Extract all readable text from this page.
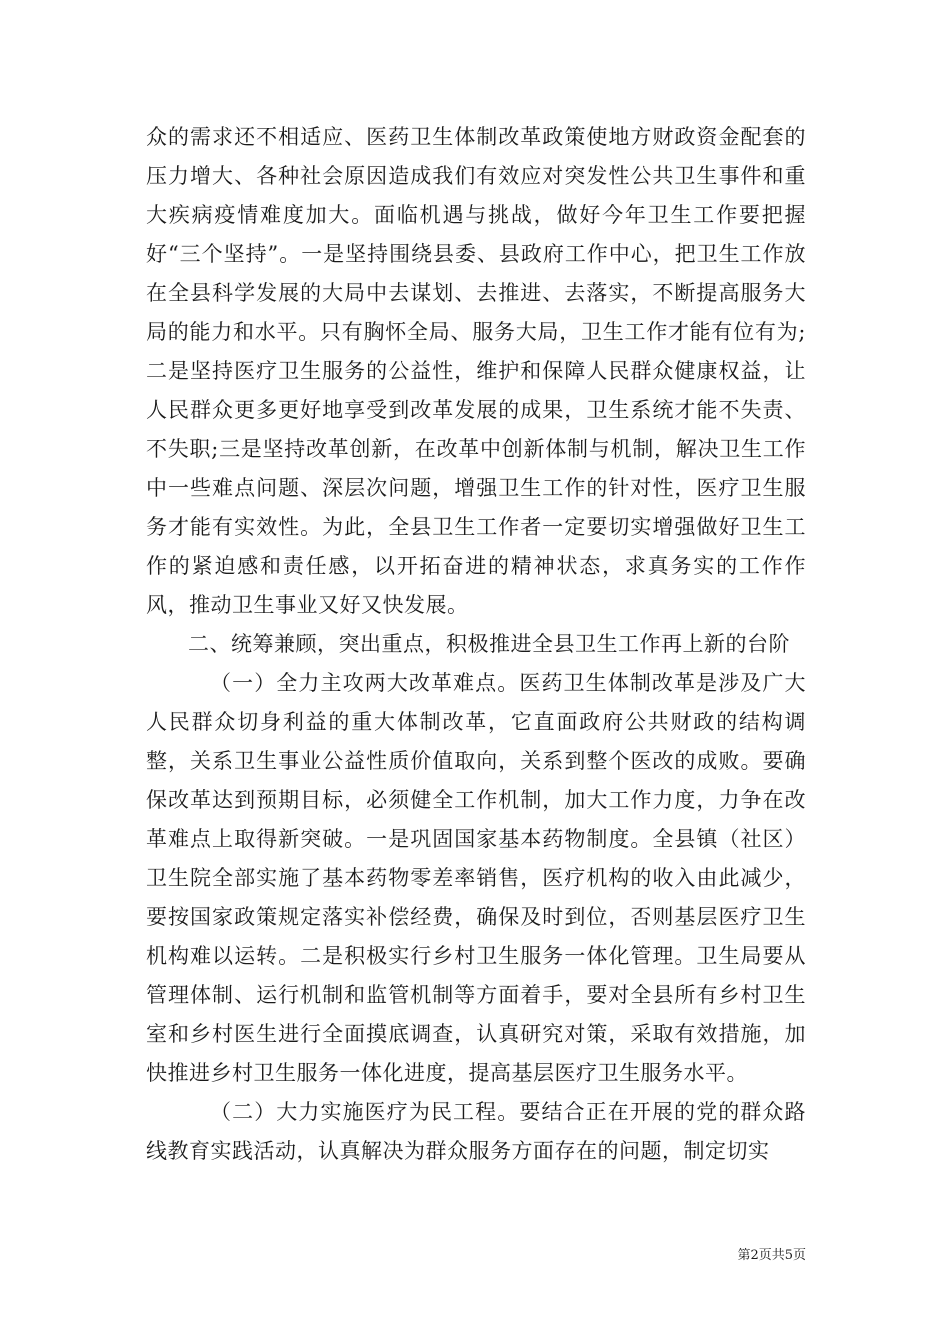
众的需求还不相适应、医药卫生体制改革政策使地方财政资金配套的压力增大、各种社会原因造成我们有效应对突发性公共卫生事件和重大疾病疫情难度加大。面临机遇与挑战，做好今年卫生工作要把握好“三个坚持”。一是坚持围绕县委、县政府工作中心，把卫生工作放在全县科学发展的大局中去谋划、去推进、去落实，不断提高服务大局的能力和水平。只有胸怀全局、服务大局，卫生工作才能有位有为;二是坚持医疗卫生服务的公益性，维护和保障人民群众健康权益，让人民群众更多更好地享受到改革发展的成果，卫生系统才能不失责、不失职;三是坚持改革创新，在改革中创新体制与机制，解决卫生工作中一些难点问题、深层次问题，增强卫生工作的针对性，医疗卫生服务才能有实效性。为此，全县卫生工作者一定要切实增强做好卫生工作的紧迫感和责任感，以开拓奋进的精神状态，求真务实的工作作风，推动卫生事业又好又快发展。

二、统筹兼顾，突出重点，积极推进全县卫生工作再上新的台阶

（一）全力主攻两大改革难点。医药卫生体制改革是涉及广大人民群众切身利益的重大体制改革，它直面政府公共财政的结构调整，关系卫生事业公益性质价值取向，关系到整个医改的成败。要确保改革达到预期目标，必须健全工作机制，加大工作力度，力争在改革难点上取得新突破。一是巩固国家基本药物制度。全县镇（社区）卫生院全部实施了基本药物零差率销售，医疗机构的收入由此减少，要按国家政策规定落实补偿经费，确保及时到位，否则基层医疗卫生机构难以运转。二是积极实行乡村卫生服务一体化管理。卫生局要从管理体制、运行机制和监管机制等方面着手，要对全县所有乡村卫生室和乡村医生进行全面摸底调查，认真研究对策，采取有效措施，加快推进乡村卫生服务一体化进度，提高基层医疗卫生服务水平。

（二）大力实施医疗为民工程。要结合正在开展的党的群众路线教育实践活动，认真解决为群众服务方面存在的问题，制定切实

第2页共5页
